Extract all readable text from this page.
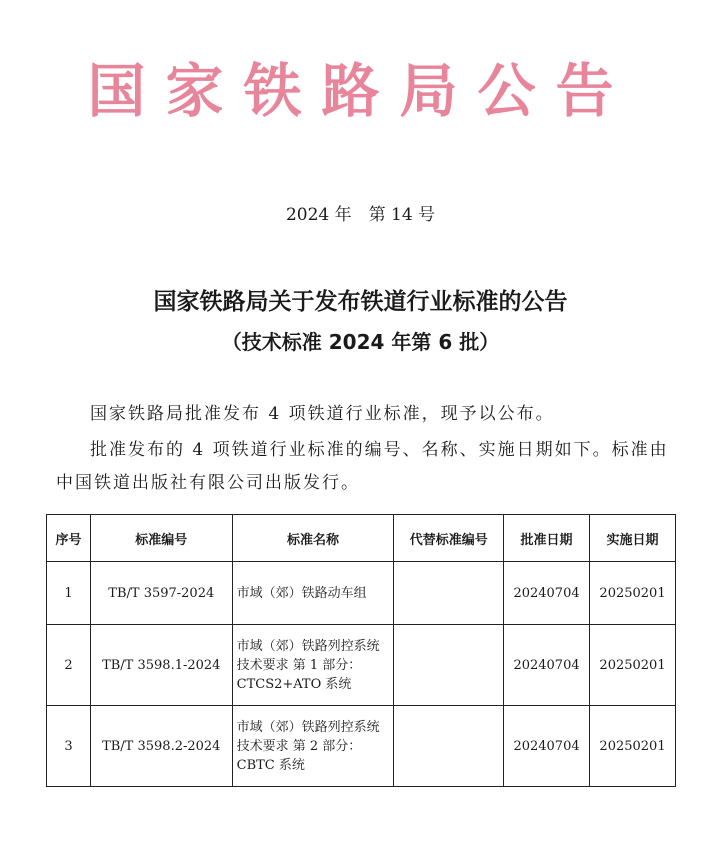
国家铁路局公告
2024 年　第 14 号
国家铁路局关于发布铁道行业标准的公告
（技术标准 2024 年第 6 批）
国家铁路局批准发布 4 项铁道行业标准，现予以公布。
批准发布的 4 项铁道行业标准的编号、名称、实施日期如下。标准由中国铁道出版社有限公司出版发行。
序号	标准编号	标准名称	代替标准编号	批准日期	实施日期
1	TB/T 3597-2024	市域（郊）铁路动车组		20240704	20250201
2	TB/T 3598.1-2024	市域（郊）铁路列控系统技术要求 第 1 部分：CTCS2+ATO 系统		20240704	20250201
3	TB/T 3598.2-2024	市域（郊）铁路列控系统技术要求 第 2 部分：CBTC 系统		20240704	20250201
